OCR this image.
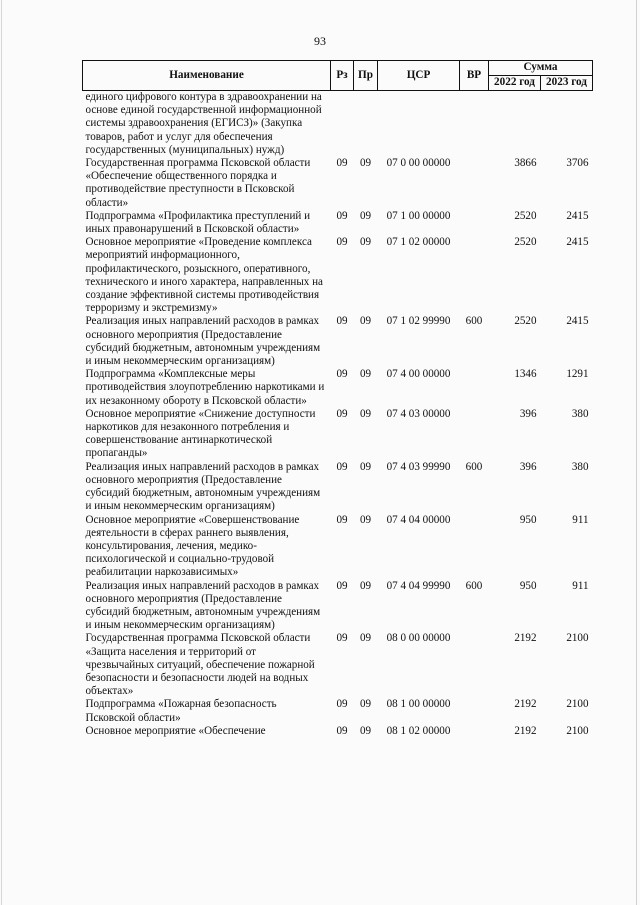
93
Наименование	Рз	Пр	ЦСР	ВР	Сумма	
					2022 год	2023 год
единого цифрового контура в здравоохранении на основе единой государственной информационной системы здравоохранения (ЕГИСЗ)» (Закупка товаров, работ и услуг для обеспечения государственных (муниципальных) нужд)						
Государственная программа Псковской области «Обеспечение общественного порядка и противодействие преступности в Псковской области»	09	09	07 0 00 00000		3866	3706
Подпрограмма «Профилактика преступлений и иных правонарушений в Псковской области»	09	09	07 1 00 00000		2520	2415
Основное мероприятие «Проведение комплекса мероприятий информационного, профилактического, розыскного, оперативного, технического и иного характера, направленных на создание эффективной системы противодействия терроризму и экстремизму»	09	09	07 1 02 00000		2520	2415
Реализация иных направлений расходов в рамках основного мероприятия (Предоставление субсидий бюджетным, автономным учреждениям и иным некоммерческим организациям)	09	09	07 1 02 99990	600	2520	2415
Подпрограмма «Комплексные меры противодействия злоупотреблению наркотиками и их незаконному обороту в Псковской области»	09	09	07 4 00 00000		1346	1291
Основное мероприятие «Снижение доступности наркотиков для незаконного потребления и совершенствование антинаркотической пропаганды»	09	09	07 4 03 00000		396	380
Реализация иных направлений расходов в рамках основного мероприятия (Предоставление субсидий бюджетным, автономным учреждениям и иным некоммерческим организациям)	09	09	07 4 03 99990	600	396	380
Основное мероприятие «Совершенствование деятельности в сферах раннего выявления, консультирования, лечения, медико-психологической и социально-трудовой реабилитации наркозависимых»	09	09	07 4 04 00000		950	911
Реализация иных направлений расходов в рамках основного мероприятия (Предоставление субсидий бюджетным, автономным учреждениям и иным некоммерческим организациям)	09	09	07 4 04 99990	600	950	911
Государственная программа Псковской области «Защита населения и территорий от чрезвычайных ситуаций, обеспечение пожарной безопасности и безопасности людей на водных объектах»	09	09	08 0 00 00000		2192	2100
Подпрограмма «Пожарная безопасность Псковской области»	09	09	08 1 00 00000		2192	2100
Основное мероприятие «Обеспечение	09	09	08 1 02 00000		2192	2100
